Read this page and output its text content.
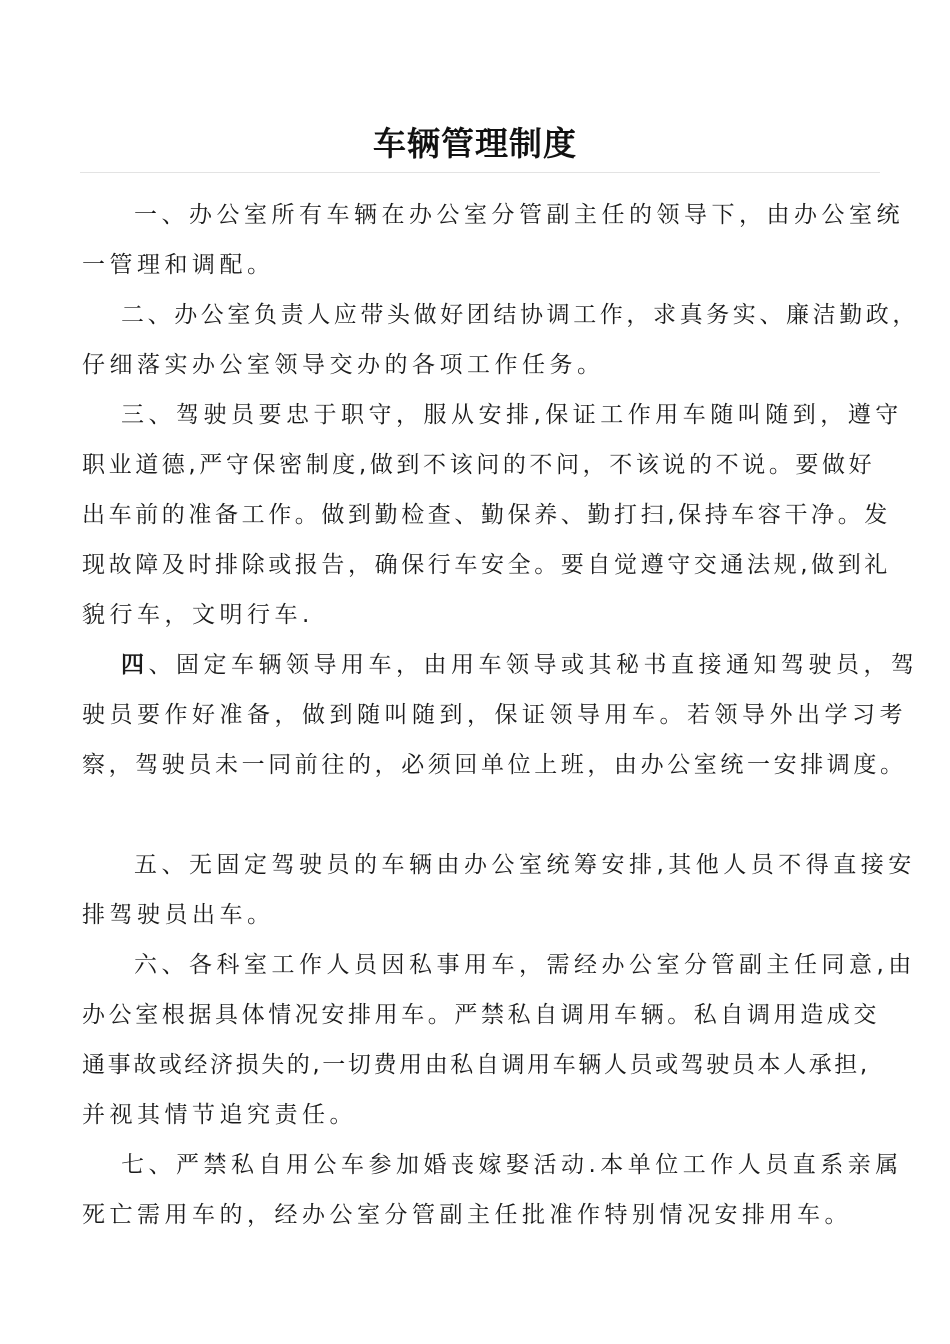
车辆管理制度
一、办公室所有车辆在办公室分管副主任的领导下，由办公室统
一管理和调配。
二、办公室负责人应带头做好团结协调工作，求真务实、廉洁勤政，
仔细落实办公室领导交办的各项工作任务。
三、驾驶员要忠于职守，服从安排,保证工作用车随叫随到，遵守
职业道德,严守保密制度,做到不该问的不问，不该说的不说。要做好
出车前的准备工作。做到勤检查、勤保养、勤打扫,保持车容干净。发
现故障及时排除或报告，确保行车安全。要自觉遵守交通法规,做到礼
貌行车，文明行车.
四、固定车辆领导用车，由用车领导或其秘书直接通知驾驶员，驾
驶员要作好准备，做到随叫随到，保证领导用车。若领导外出学习考
察，驾驶员未一同前往的，必须回单位上班，由办公室统一安排调度。
五、无固定驾驶员的车辆由办公室统筹安排,其他人员不得直接安
排驾驶员出车。
六、各科室工作人员因私事用车，需经办公室分管副主任同意,由
办公室根据具体情况安排用车。严禁私自调用车辆。私自调用造成交
通事故或经济损失的,一切费用由私自调用车辆人员或驾驶员本人承担,
并视其情节追究责任。
七、严禁私自用公车参加婚丧嫁娶活动.本单位工作人员直系亲属
死亡需用车的，经办公室分管副主任批准作特别情况安排用车。
